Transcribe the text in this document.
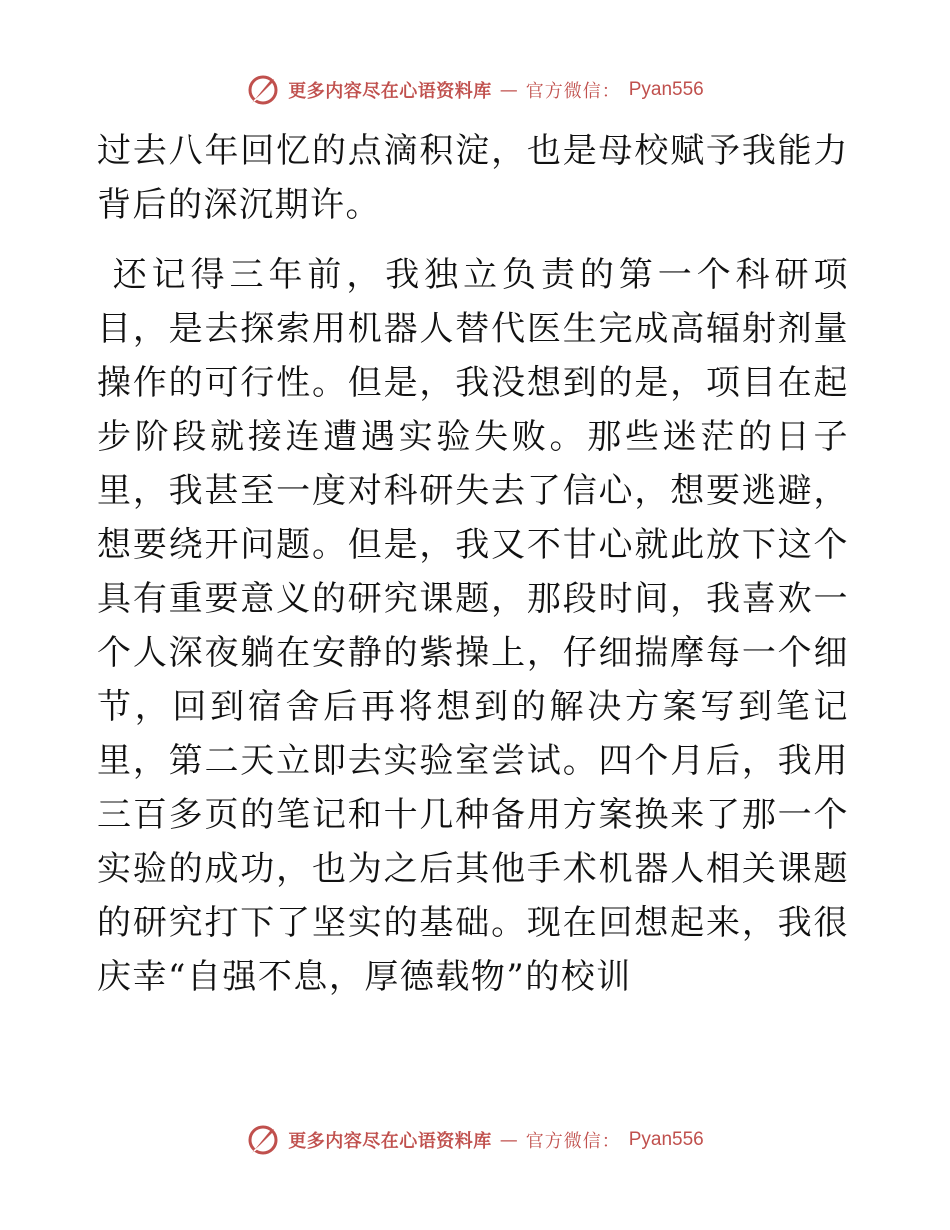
更多内容尽在心语资料库 — 官方微信： Pyan556

过去八年回忆的点滴积淀，也是母校赋予我能力背后的深沉期许。

还记得三年前，我独立负责的第一个科研项目，是去探索用机器人替代医生完成高辐射剂量操作的可行性。但是，我没想到的是，项目在起步阶段就接连遭遇实验失败。那些迷茫的日子里，我甚至一度对科研失去了信心，想要逃避，想要绕开问题。但是，我又不甘心就此放下这个具有重要意义的研究课题，那段时间，我喜欢一个人深夜躺在安静的紫操上，仔细揣摩每一个细节，回到宿舍后再将想到的解决方案写到笔记里，第二天立即去实验室尝试。四个月后，我用三百多页的笔记和十几种备用方案换来了那一个实验的成功，也为之后其他手术机器人相关课题的研究打下了坚实的基础。现在回想起来，我很庆幸“自强不息，厚德载物”的校训

更多内容尽在心语资料库 — 官方微信： Pyan556
